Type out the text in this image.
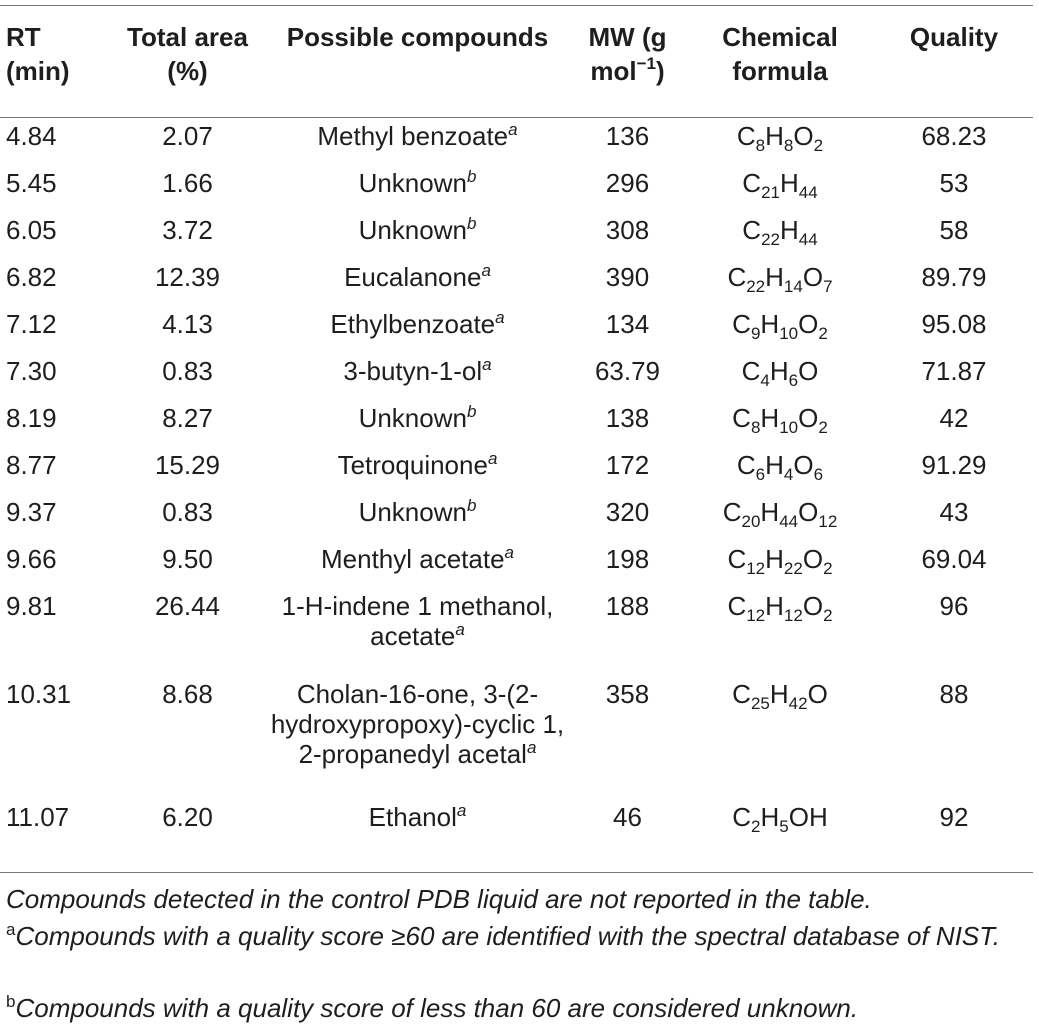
RT (min)	Total area (%)	Possible compounds	MW (g mol$^{-1}$)	Chemical formula	Quality
4.84	2.07	Methyl benzoate$^a$	136	$C_8H_8O_2$	68.23
5.45	1.66	Unknown$^b$	296	$C_{21}H_{44}$	53
6.05	3.72	Unknown$^b$	308	$C_{22}H_{44}$	58
6.82	12.39	Eucalanone$^a$	390	$C_{22}H_{14}O_7$	89.79
7.12	4.13	Ethylbenzoate$^a$	134	$C_9H_{10}O_2$	95.08
7.30	0.83	3-butyn-1-ol$^a$	63.79	$C_4H_6O$	71.87
8.19	8.27	Unknown$^b$	138	$C_8H_{10}O_2$	42
8.77	15.29	Tetroquinone$^a$	172	$C_6H_4O_6$	91.29
9.37	0.83	Unknown$^b$	320	$C_{20}H_{44}O_{12}$	43
9.66	9.50	Menthyl acetate$^a$	198	$C_{12}H_{22}O_2$	69.04
9.81	26.44	1-H-indene 1 methanol, acetate$^a$	188	$C_{12}H_{12}O_2$	96
10.31	8.68	Cholan-16-one, 3-(2-hydroxypropoxy)-cyclic 1, 2-propanedyl acetal$^a$	358	$C_{25}H_{42}O$	88
11.07	6.20	Ethanol$^a$	46	$C_2H_5OH$	92
Compounds detected in the control PDB liquid are not reported in the table.
$^a$Compounds with a quality score ≥60 are identified with the spectral database of NIST.
$^b$Compounds with a quality score of less than 60 are considered unknown.
